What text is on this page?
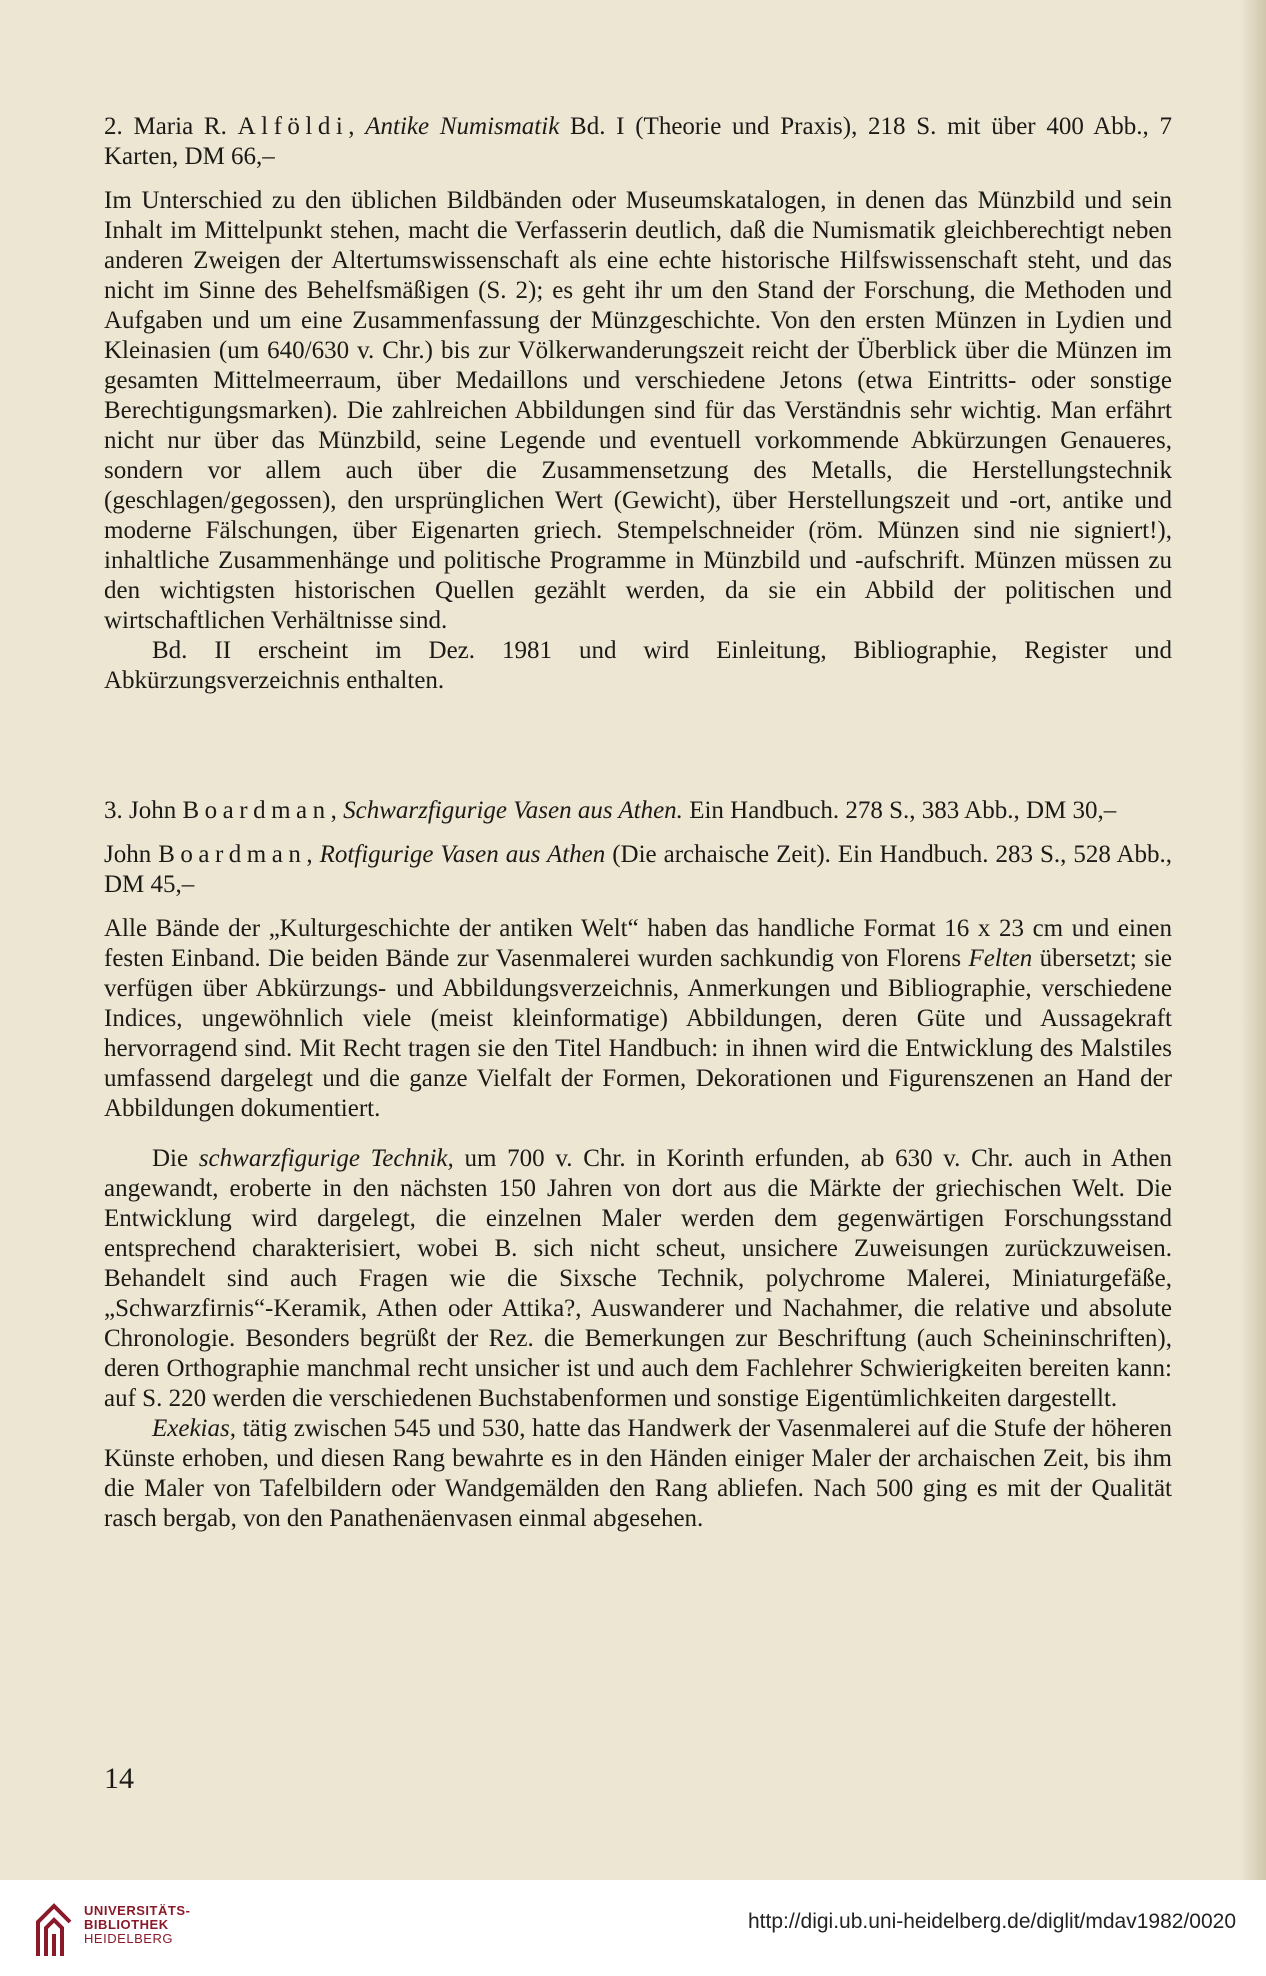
2. Maria R. Alföldi, Antike Numismatik Bd. I (Theorie und Praxis), 218 S. mit über 400 Abb., 7 Karten, DM 66,–

Im Unterschied zu den üblichen Bildbänden oder Museumskatalogen, in denen das Münzbild und sein Inhalt im Mittelpunkt stehen, macht die Verfasserin deutlich, daß die Numismatik gleichberechtigt neben anderen Zweigen der Altertumswissenschaft als eine echte historische Hilfswissenschaft steht, und das nicht im Sinne des Behelfsmäßigen (S. 2); es geht ihr um den Stand der Forschung, die Methoden und Aufgaben und um eine Zusammenfassung der Münzgeschichte. Von den ersten Münzen in Lydien und Kleinasien (um 640/630 v. Chr.) bis zur Völkerwanderungszeit reicht der Überblick über die Münzen im gesamten Mittelmeerraum, über Medaillons und verschiedene Jetons (etwa Eintritts- oder sonstige Berechtigungsmarken). Die zahlreichen Abbildungen sind für das Verständnis sehr wichtig. Man erfährt nicht nur über das Münzbild, seine Legende und eventuell vorkommende Abkürzungen Genaueres, sondern vor allem auch über die Zusammensetzung des Metalls, die Herstellungstechnik (geschlagen/gegossen), den ursprünglichen Wert (Gewicht), über Herstellungszeit und -ort, antike und moderne Fälschungen, über Eigenarten griech. Stempelschneider (röm. Münzen sind nie signiert!), inhaltliche Zusammenhänge und politische Programme in Münzbild und -aufschrift. Münzen müssen zu den wichtigsten historischen Quellen gezählt werden, da sie ein Abbild der politischen und wirtschaftlichen Verhältnisse sind.

Bd. II erscheint im Dez. 1981 und wird Einleitung, Bibliographie, Register und Abkürzungsverzeichnis enthalten.

3. John Boardman, Schwarzfigurige Vasen aus Athen. Ein Handbuch. 278 S., 383 Abb., DM 30,–

John Boardman, Rotfigurige Vasen aus Athen (Die archaische Zeit). Ein Handbuch. 283 S., 528 Abb., DM 45,–

Alle Bände der „Kulturgeschichte der antiken Welt“ haben das handliche Format 16 x 23 cm und einen festen Einband. Die beiden Bände zur Vasenmalerei wurden sachkundig von Florens Felten übersetzt; sie verfügen über Abkürzungs- und Abbildungsverzeichnis, Anmerkungen und Bibliographie, verschiedene Indices, ungewöhnlich viele (meist kleinformatige) Abbildungen, deren Güte und Aussagekraft hervorragend sind. Mit Recht tragen sie den Titel Handbuch: in ihnen wird die Entwicklung des Malstiles umfassend dargelegt und die ganze Vielfalt der Formen, Dekorationen und Figurenszenen an Hand der Abbildungen dokumentiert.

Die schwarzfigurige Technik, um 700 v. Chr. in Korinth erfunden, ab 630 v. Chr. auch in Athen angewandt, eroberte in den nächsten 150 Jahren von dort aus die Märkte der griechischen Welt. Die Entwicklung wird dargelegt, die einzelnen Maler werden dem gegenwärtigen Forschungsstand entsprechend charakterisiert, wobei B. sich nicht scheut, unsichere Zuweisungen zurückzuweisen. Behandelt sind auch Fragen wie die Sixsche Technik, polychrome Malerei, Miniaturgefäße, „Schwarzfirnis“-Keramik, Athen oder Attika?, Auswanderer und Nachahmer, die relative und absolute Chronologie. Besonders begrüßt der Rez. die Bemerkungen zur Beschriftung (auch Scheininschriften), deren Orthographie manchmal recht unsicher ist und auch dem Fachlehrer Schwierigkeiten bereiten kann: auf S. 220 werden die verschiedenen Buchstabenformen und sonstige Eigentümlichkeiten dargestellt.

Exekias, tätig zwischen 545 und 530, hatte das Handwerk der Vasenmalerei auf die Stufe der höheren Künste erhoben, und diesen Rang bewahrte es in den Händen einiger Maler der archaischen Zeit, bis ihm die Maler von Tafelbildern oder Wandgemälden den Rang abliefen. Nach 500 ging es mit der Qualität rasch bergab, von den Panathenäenvasen einmal abgesehen.

14
UNIVERSITÄTS-
BIBLIOTHEK
HEIDELBERG
http://digi.ub.uni-heidelberg.de/diglit/mdav1982/0020
